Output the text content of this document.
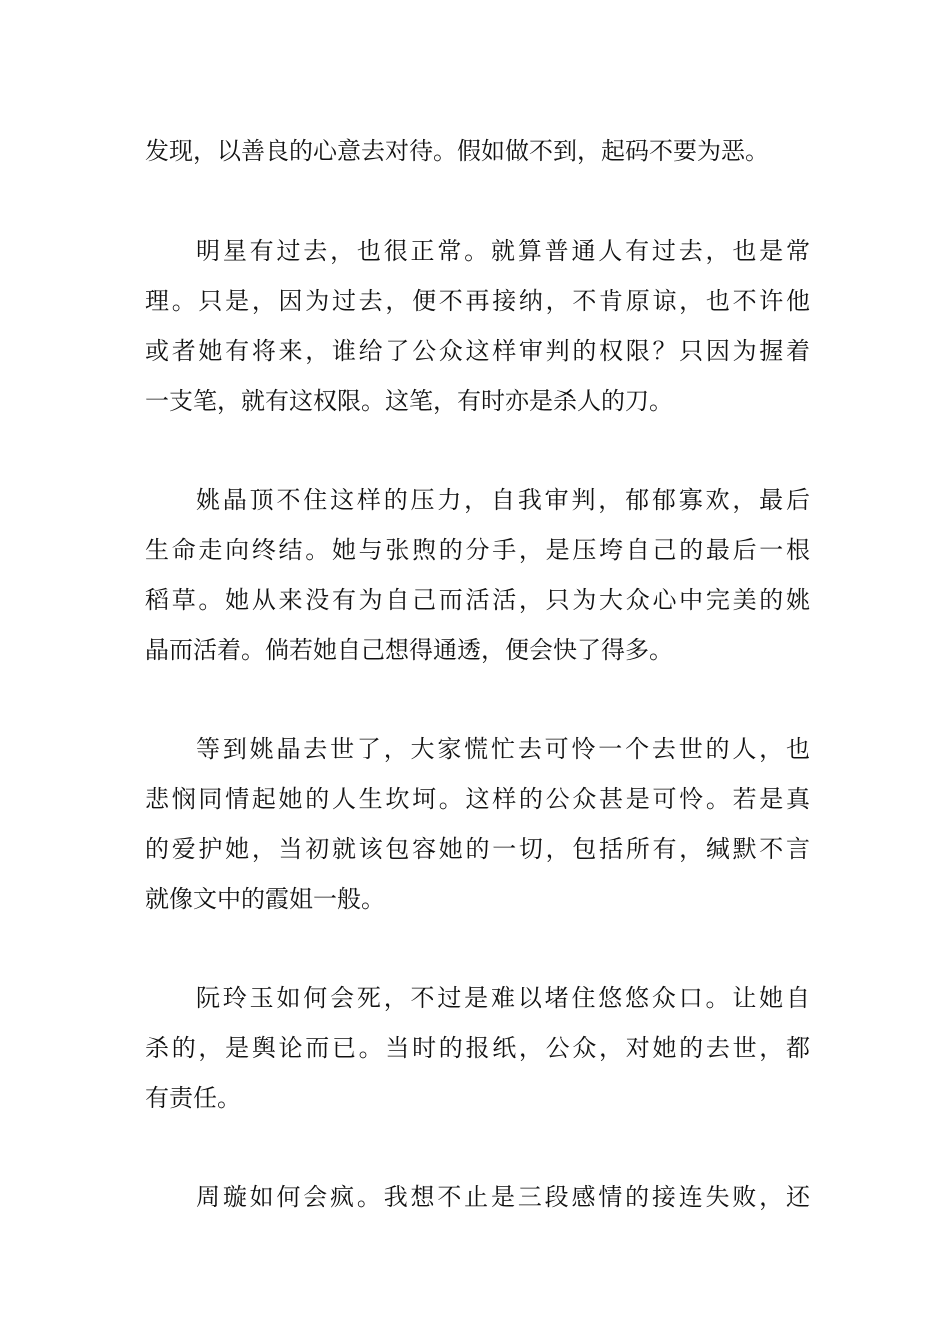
发现，以善良的心意去对待。假如做不到，起码不要为恶。
明星有过去，也很正常。就算普通人有过去，也是常
理。只是，因为过去，便不再接纳，不肯原谅，也不许他
或者她有将来，谁给了公众这样审判的权限？只因为握着
一支笔，就有这权限。这笔，有时亦是杀人的刀。
姚晶顶不住这样的压力，自我审判，郁郁寡欢，最后
生命走向终结。她与张煦的分手，是压垮自己的最后一根
稻草。她从来没有为自己而活活，只为大众心中完美的姚
晶而活着。倘若她自己想得通透，便会快了得多。
等到姚晶去世了，大家慌忙去可怜一个去世的人，也
悲悯同情起她的人生坎坷。这样的公众甚是可怜。若是真
的爱护她，当初就该包容她的一切，包括所有，缄默不言
就像文中的霞姐一般。
阮玲玉如何会死，不过是难以堵住悠悠众口。让她自
杀的，是舆论而已。当时的报纸，公众，对她的去世，都
有责任。
周璇如何会疯。我想不止是三段感情的接连失败，还
